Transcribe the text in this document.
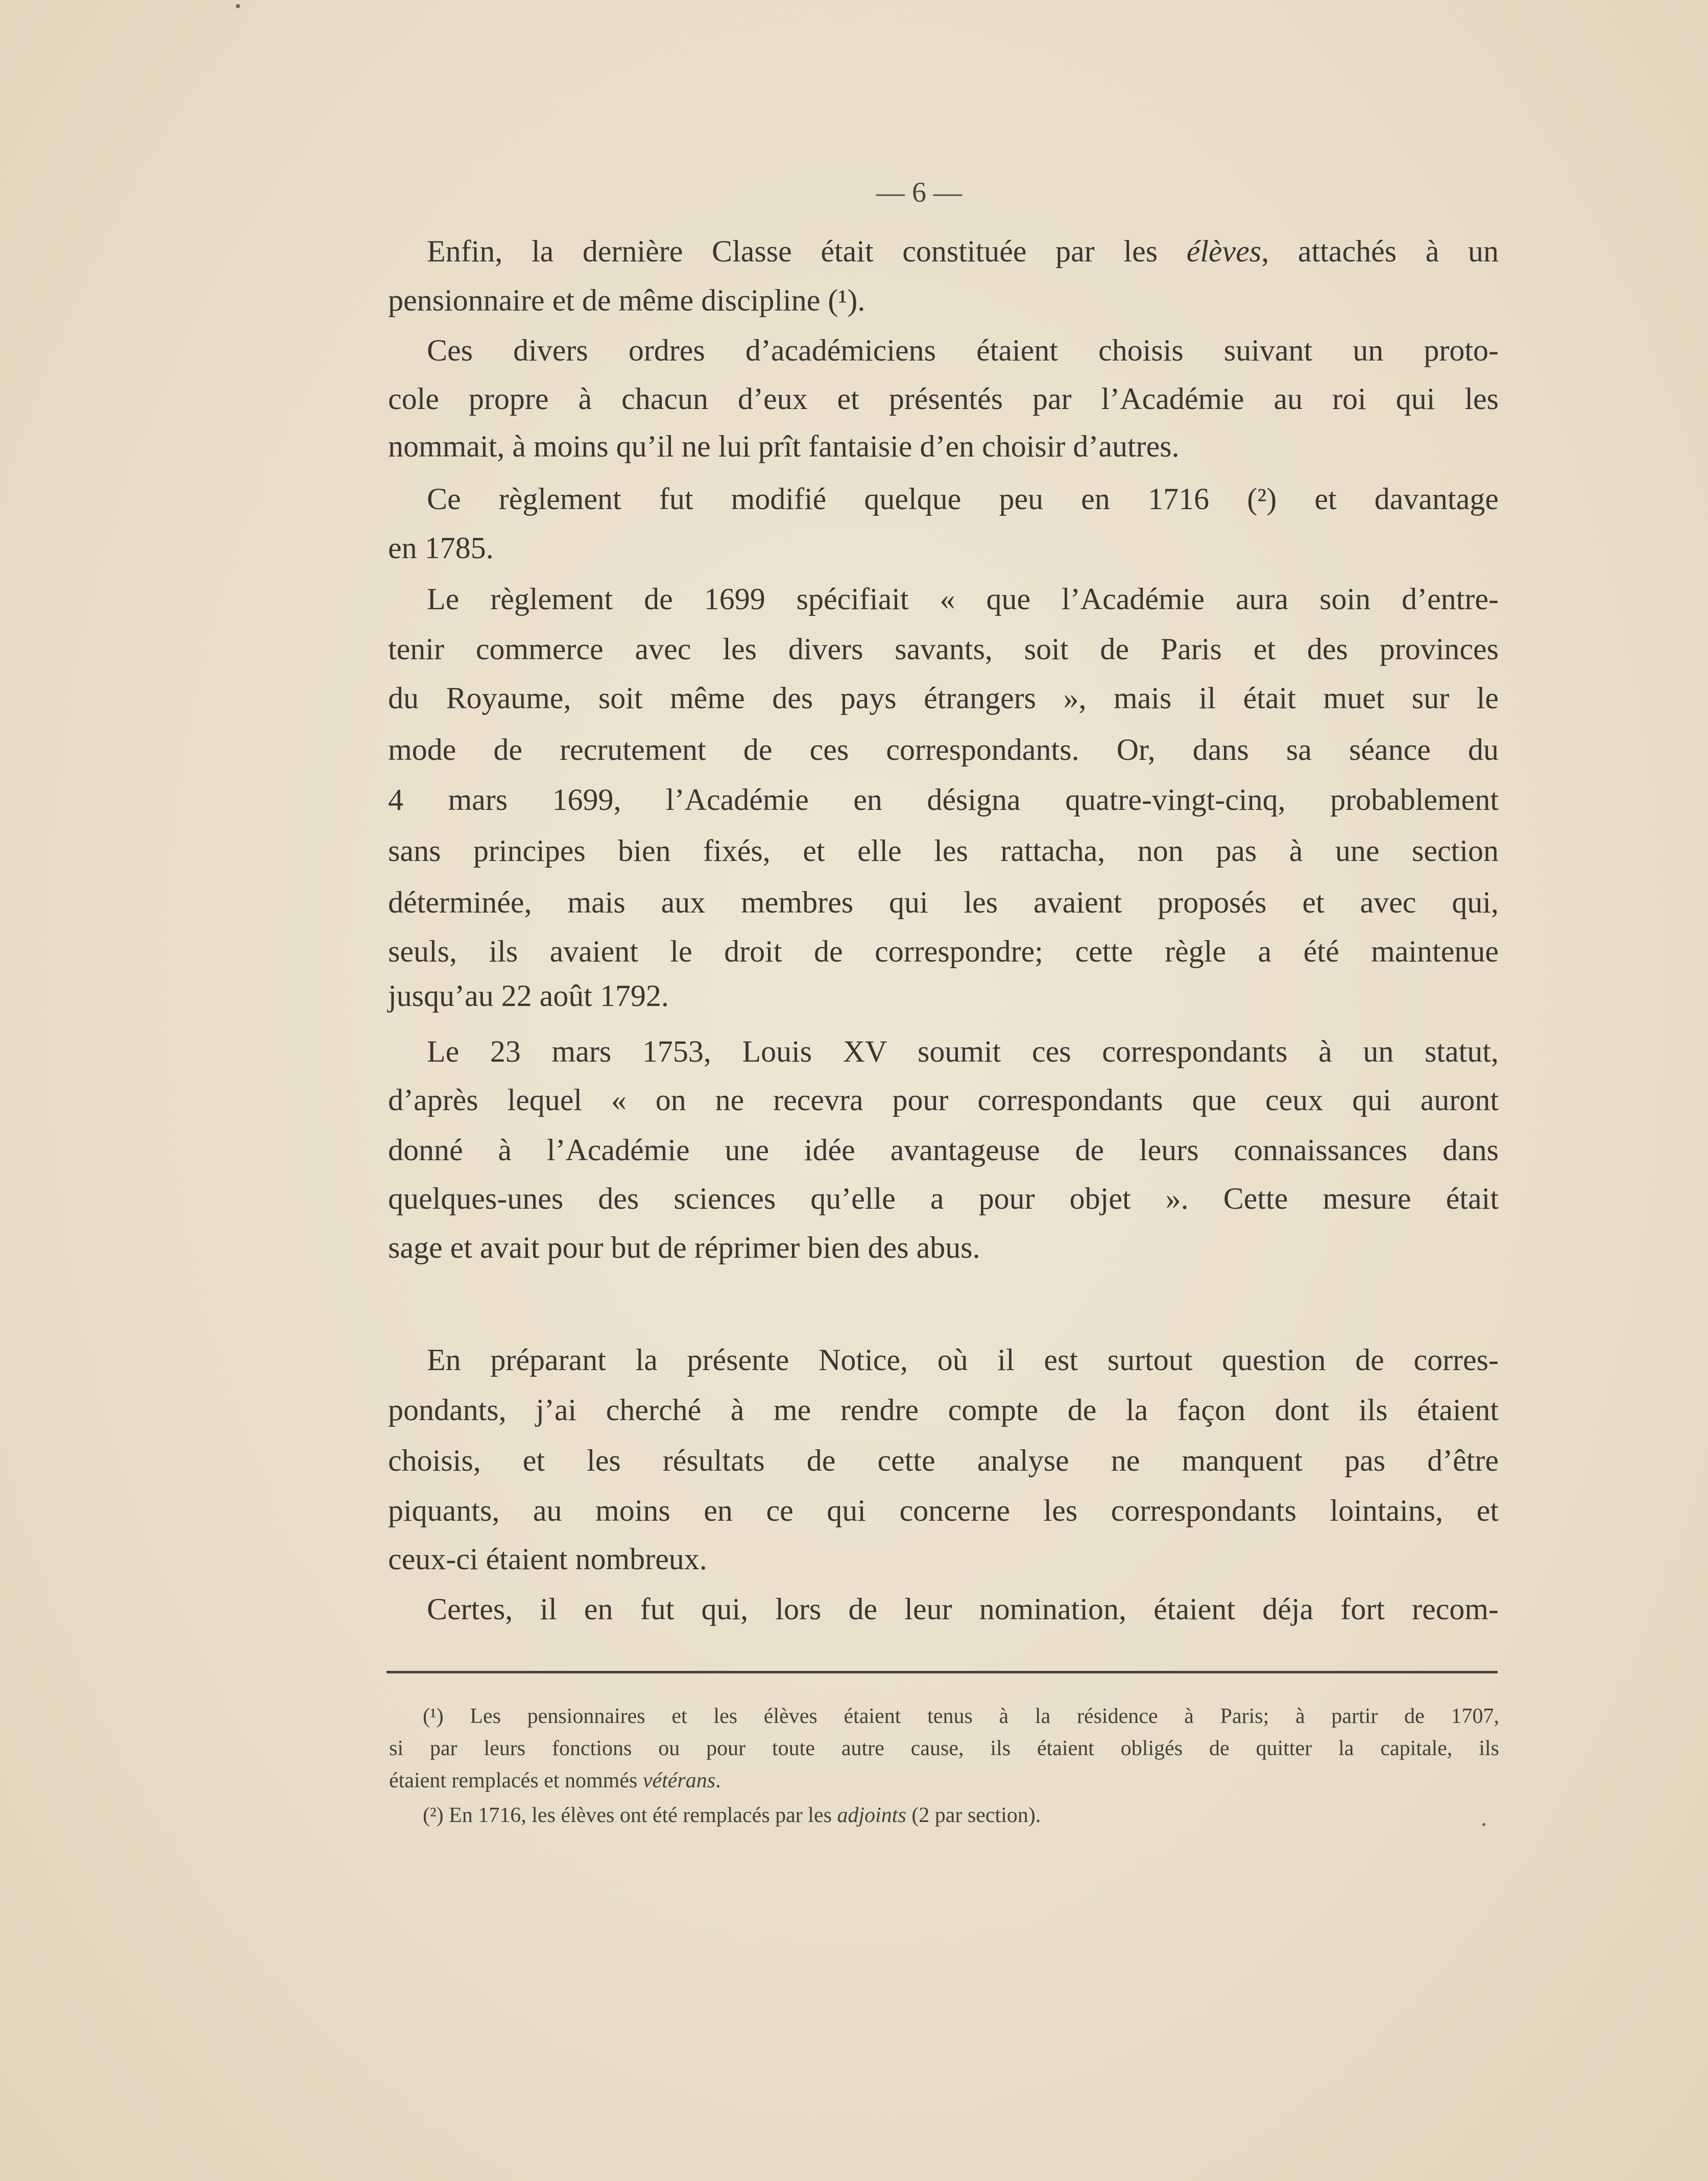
— 6 —
Enfin, la dernière Classe était constituée par les élèves, attachés à un
pensionnaire et de même discipline (¹).
Ces divers ordres d’académiciens étaient choisis suivant un proto-
cole propre à chacun d’eux et présentés par l’Académie au roi qui les
nommait, à moins qu’il ne lui prît fantaisie d’en choisir d’autres.
Ce règlement fut modifié quelque peu en 1716 (²) et davantage
en 1785.
Le règlement de 1699 spécifiait « que l’Académie aura soin d’entre-
tenir commerce avec les divers savants, soit de Paris et des provinces
du Royaume, soit même des pays étrangers », mais il était muet sur le
mode de recrutement de ces correspondants. Or, dans sa séance du
4 mars 1699, l’Académie en désigna quatre-vingt-cinq, probablement
sans principes bien fixés, et elle les rattacha, non pas à une section
déterminée, mais aux membres qui les avaient proposés et avec qui,
seuls, ils avaient le droit de correspondre; cette règle a été maintenue
jusqu’au 22 août 1792.
Le 23 mars 1753, Louis XV soumit ces correspondants à un statut,
d’après lequel « on ne recevra pour correspondants que ceux qui auront
donné à l’Académie une idée avantageuse de leurs connaissances dans
quelques-unes des sciences qu’elle a pour objet ». Cette mesure était
sage et avait pour but de réprimer bien des abus.
En préparant la présente Notice, où il est surtout question de corres-
pondants, j’ai cherché à me rendre compte de la façon dont ils étaient
choisis, et les résultats de cette analyse ne manquent pas d’être
piquants, au moins en ce qui concerne les correspondants lointains, et
ceux-ci étaient nombreux.
Certes, il en fut qui, lors de leur nomination, étaient déja fort recom-
(¹) Les pensionnaires et les élèves étaient tenus à la résidence à Paris; à partir de 1707,
si par leurs fonctions ou pour toute autre cause, ils étaient obligés de quitter la capitale, ils
étaient remplacés et nommés vétérans.
(²) En 1716, les élèves ont été remplacés par les adjoints (2 par section).
